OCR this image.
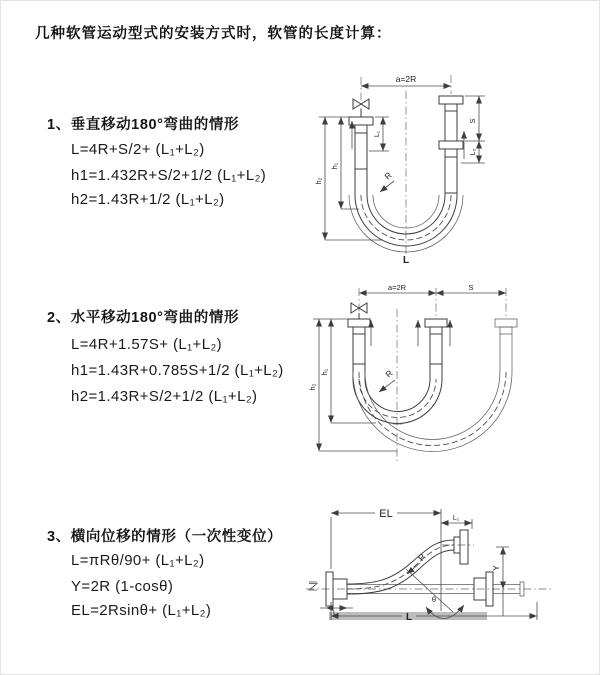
几种软管运动型式的安装方式时，软管的长度计算：
1、垂直移动180°弯曲的情形
L=4R+S/2+ (L₁+L₂)
h1=1.432R+S/2+1/2 (L₁+L₂)
h2=1.43R+1/2 (L₁+L₂)
2、水平移动180°弯曲的情形
L=4R+1.57S+ (L₁+L₂)
h1=1.43R+0.785S+1/2 (L₁+L₂)
h2=1.43R+S/2+1/2 (L₁+L₂)
3、横向位移的情形（一次性变位）
L=πRθ/90+ (L₁+L₂)
Y=2R (1-cosθ)
EL=2Rsinθ+ (L₁+L₂)
a=2R
S
L₂
L₁
h₁
h₂	R
L
a=2R	S
h₁
h₂
R
EL	L₁
Y
L
L₁
R
θ
